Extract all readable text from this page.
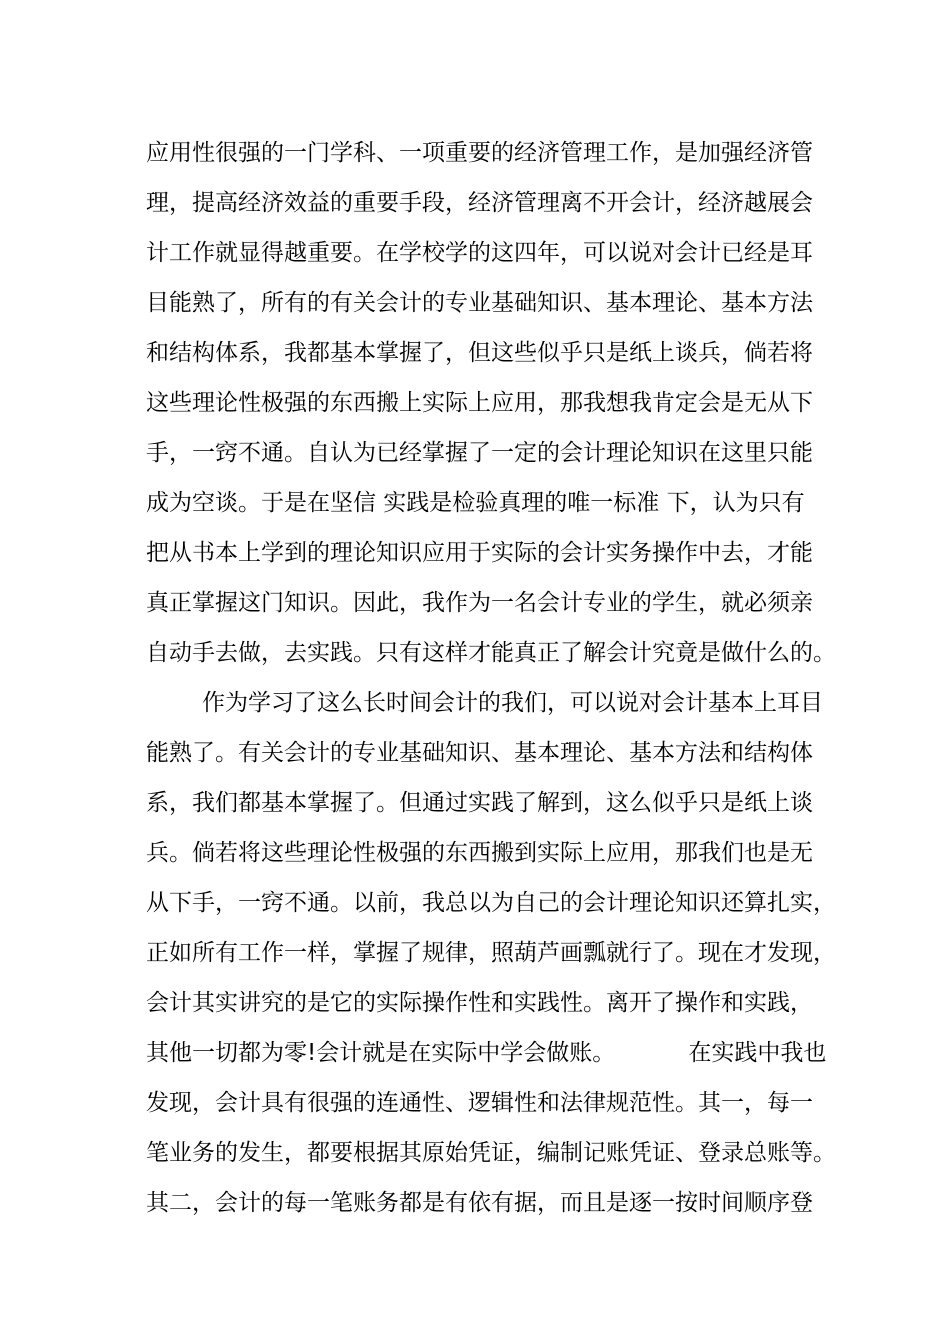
应用性很强的一门学科、一项重要的经济管理工作，是加强经济管
理，提高经济效益的重要手段，经济管理离不开会计，经济越展会
计工作就显得越重要。在学校学的这四年，可以说对会计已经是耳
目能熟了，所有的有关会计的专业基础知识、基本理论、基本方法
和结构体系，我都基本掌握了，但这些似乎只是纸上谈兵，倘若将
这些理论性极强的东西搬上实际上应用，那我想我肯定会是无从下
手，一窍不通。自认为已经掌握了一定的会计理论知识在这里只能
成为空谈。于是在坚信 实践是检验真理的唯一标准 下，认为只有
把从书本上学到的理论知识应用于实际的会计实务操作中去，才能
真正掌握这门知识。因此，我作为一名会计专业的学生，就必须亲
自动手去做，去实践。只有这样才能真正了解会计究竟是做什么的。
作为学习了这么长时间会计的我们，可以说对会计基本上耳目
能熟了。有关会计的专业基础知识、基本理论、基本方法和结构体
系，我们都基本掌握了。但通过实践了解到，这么似乎只是纸上谈
兵。倘若将这些理论性极强的东西搬到实际上应用，那我们也是无
从下手，一窍不通。以前，我总以为自己的会计理论知识还算扎实，
正如所有工作一样，掌握了规律，照葫芦画瓢就行了。现在才发现，
会计其实讲究的是它的实际操作性和实践性。离开了操作和实践，
其他一切都为零!会计就是在实际中学会做账。          在实践中我也
发现，会计具有很强的连通性、逻辑性和法律规范性。其一，每一
笔业务的发生，都要根据其原始凭证，编制记账凭证、登录总账等。
其二，会计的每一笔账务都是有依有据，而且是逐一按时间顺序登
